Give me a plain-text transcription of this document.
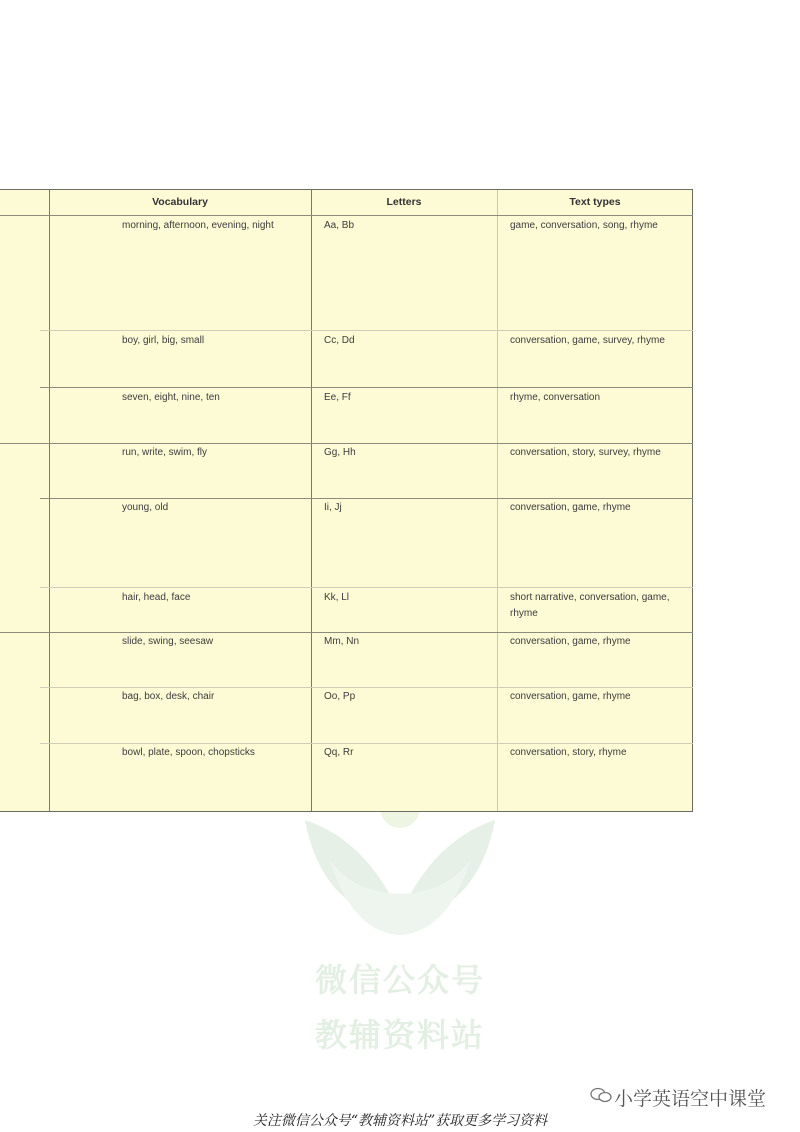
微信公众号
教辅资料站
Vocabulary	Letters	Text types
morning, afternoon, evening, night	Aa, Bb	game, conversation, song, rhyme
boy, girl, big, small	Cc, Dd	conversation, game, survey, rhyme
seven, eight, nine, ten	Ee, Ff	rhyme, conversation
run, write, swim, fly	Gg, Hh	conversation, story, survey, rhyme
young, old	Ii, Jj	conversation, game, rhyme
hair, head, face	Kk, Ll	short narrative, conversation, game, rhyme
slide, swing, seesaw	Mm, Nn	conversation, game, rhyme
bag, box, desk, chair	Oo, Pp	conversation, game, rhyme
bowl, plate, spoon, chopsticks	Qq, Rr	conversation, story, rhyme
小学英语空中课堂
关注微信公众号“教辅资料站”获取更多学习资料
